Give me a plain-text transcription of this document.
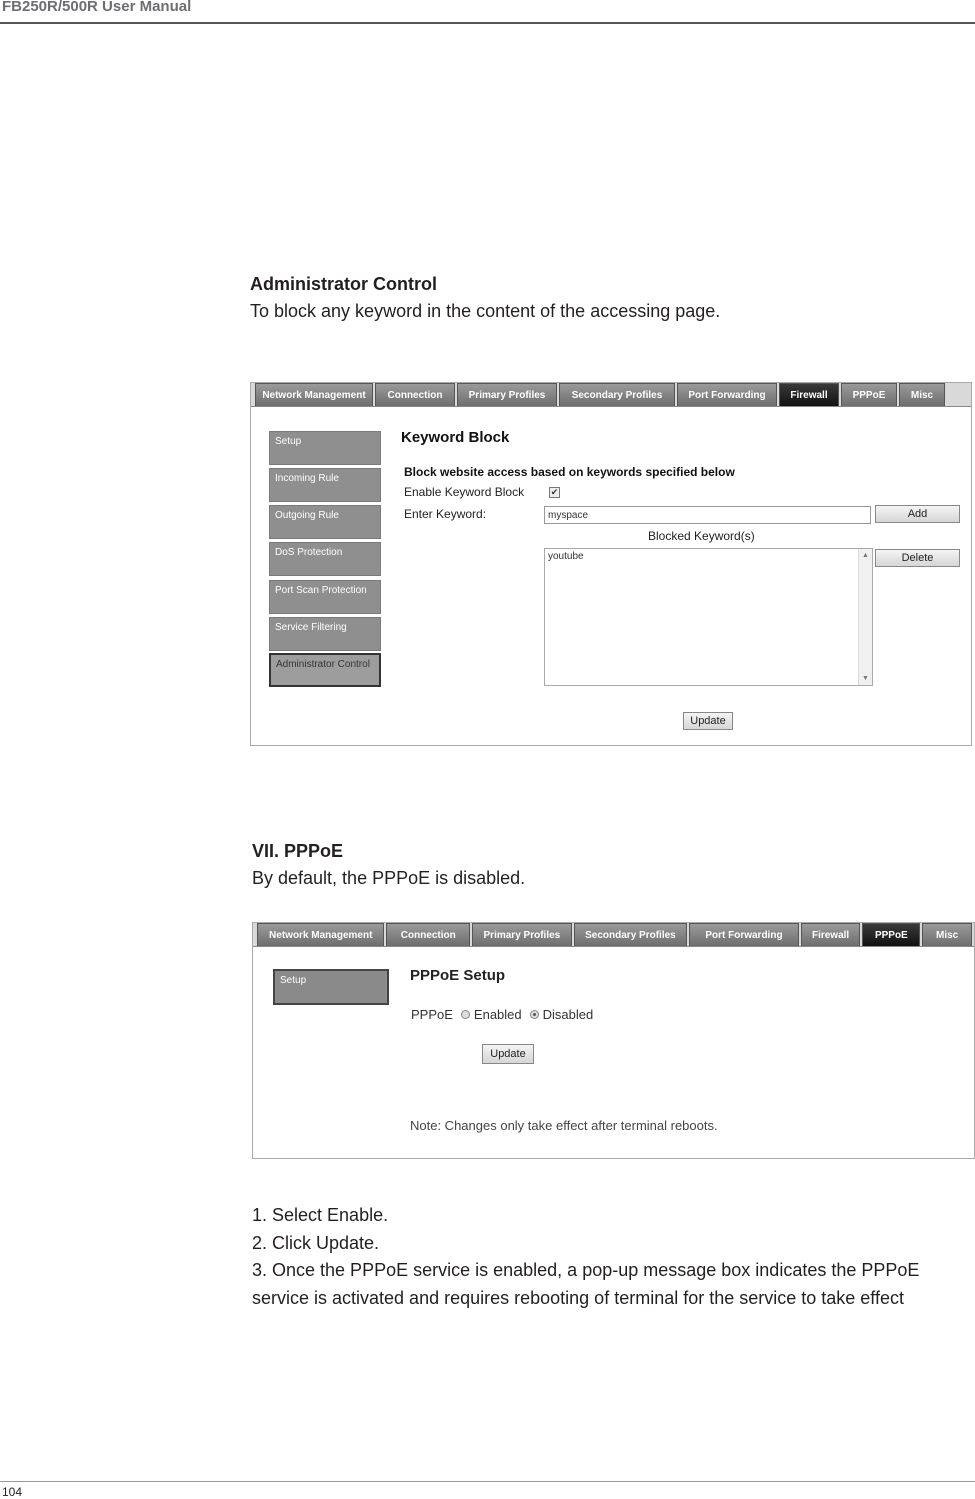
FB250R/500R User Manual
Administrator Control
To block any keyword in the content of the accessing page.
Network Management	Connection	Primary Profiles	Secondary Profiles	Port Forwarding	Firewall	PPPoE	Misc
Setup
Incoming Rule
Outgoing Rule
DoS Protection
Port Scan Protection
Service Filtering
Administrator Control
Keyword Block
Block website access based on keywords specified below
Enable Keyword Block	✔
Enter Keyword:
myspace	Add
Blocked Keyword(s)
youtube	▲
▼
Delete
Update
VII. PPPoE
By default, the PPPoE is disabled.
Network Management	Connection	Primary Profiles	Secondary Profiles	Port Forwarding	Firewall	PPPoE	Misc
Setup	PPPoE Setup
PPPoE Enabled Disabled
Update
Note: Changes only take effect after terminal reboots.
1. Select Enable.
2. Click Update.
3. Once the PPPoE service is enabled, a pop-up message box indicates the PPPoE service is activated and requires rebooting of terminal for the service to take effect
104
